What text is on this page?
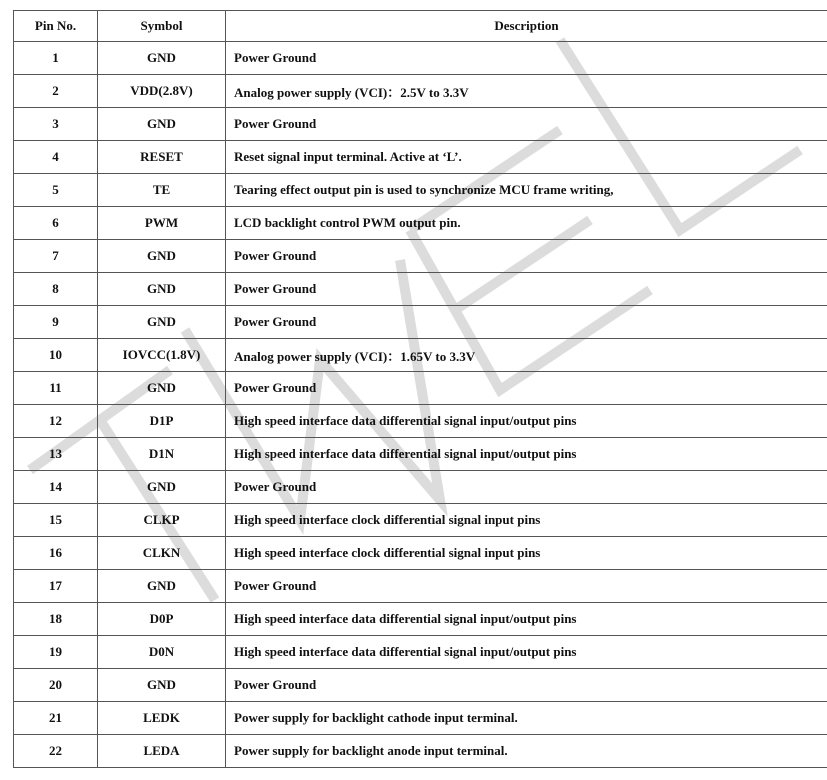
Pin No.	Symbol	Description
1	GND	Power Ground
2	VDD(2.8V)	Analog power supply (VCI)：2.5V to 3.3V
3	GND	Power Ground
4	RESET	Reset signal input terminal. Active at ‘L’.
5	TE	Tearing effect output pin is used to synchronize MCU frame writing,
6	PWM	LCD backlight control PWM output pin.
7	GND	Power Ground
8	GND	Power Ground
9	GND	Power Ground
10	IOVCC(1.8V)	Analog power supply (VCI)：1.65V to 3.3V
11	GND	Power Ground
12	D1P	High speed interface data differential signal input/output pins
13	D1N	High speed interface data differential signal input/output pins
14	GND	Power Ground
15	CLKP	High speed interface clock differential signal input pins
16	CLKN	High speed interface clock differential signal input pins
17	GND	Power Ground
18	D0P	High speed interface data differential signal input/output pins
19	D0N	High speed interface data differential signal input/output pins
20	GND	Power Ground
21	LEDK	Power supply for backlight cathode input terminal.
22	LEDA	Power supply for backlight anode input terminal.
